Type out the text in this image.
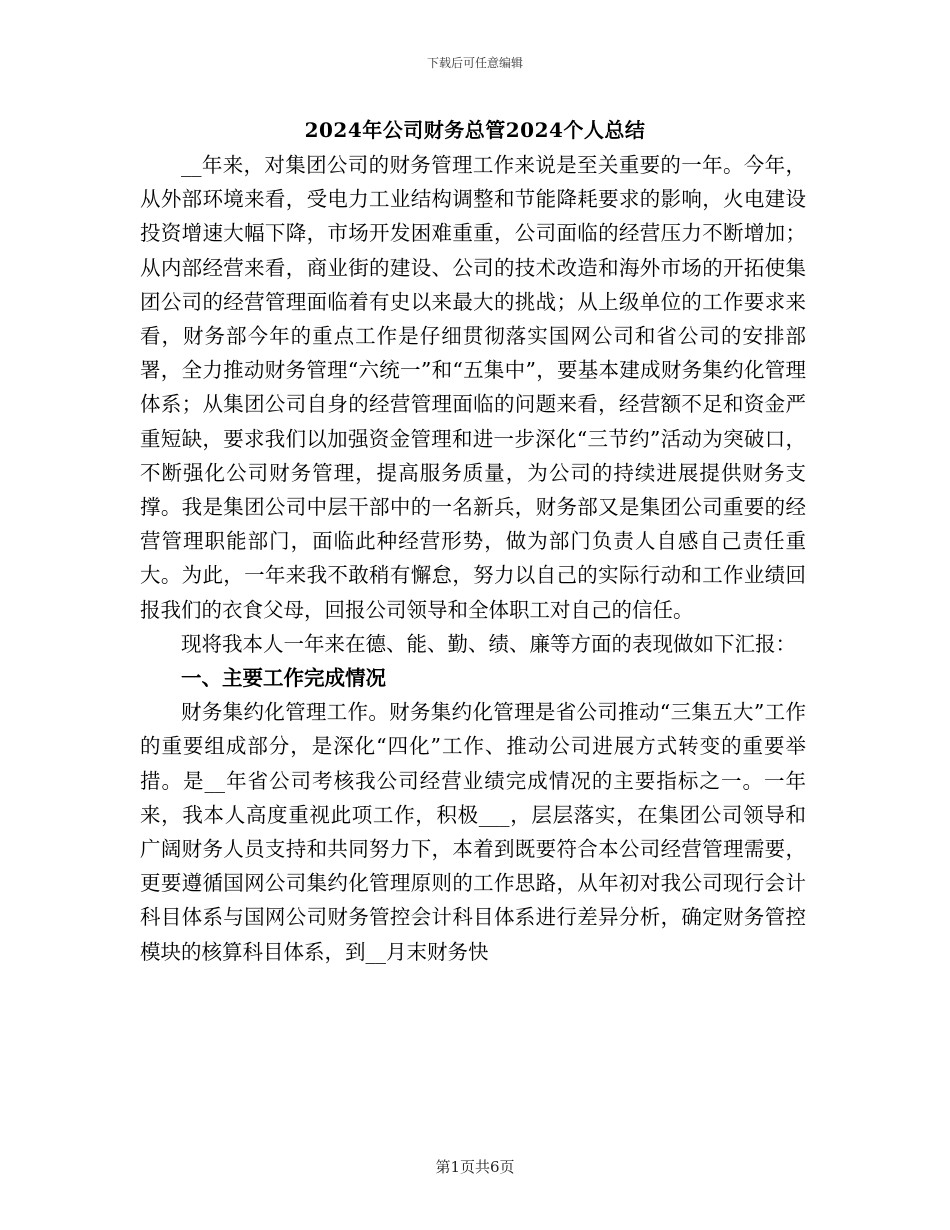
下载后可任意编辑
2024年公司财务总管2024个人总结

__年来，对集团公司的财务管理工作来说是至关重要的一年。今年，从外部环境来看，受电力工业结构调整和节能降耗要求的影响，火电建设投资增速大幅下降，市场开发困难重重，公司面临的经营压力不断增加；从内部经营来看，商业街的建设、公司的技术改造和海外市场的开拓使集团公司的经营管理面临着有史以来最大的挑战；从上级单位的工作要求来看，财务部今年的重点工作是仔细贯彻落实国网公司和省公司的安排部署，全力推动财务管理“六统一”和“五集中”，要基本建成财务集约化管理体系；从集团公司自身的经营管理面临的问题来看，经营额不足和资金严重短缺，要求我们以加强资金管理和进一步深化“三节约”活动为突破口，不断强化公司财务管理，提高服务质量，为公司的持续进展提供财务支撑。我是集团公司中层干部中的一名新兵，财务部又是集团公司重要的经营管理职能部门，面临此种经营形势，做为部门负责人自感自己责任重大。为此，一年来我不敢稍有懈怠，努力以自己的实际行动和工作业绩回报我们的衣食父母，回报公司领导和全体职工对自己的信任。

现将我本人一年来在德、能、勤、绩、廉等方面的表现做如下汇报：

一、主要工作完成情况

财务集约化管理工作。财务集约化管理是省公司推动“三集五大”工作的重要组成部分，是深化“四化”工作、推动公司进展方式转变的重要举措。是__年省公司考核我公司经营业绩完成情况的主要指标之一。一年来，我本人高度重视此项工作，积极___，层层落实，在集团公司领导和广阔财务人员支持和共同努力下，本着到既要符合本公司经营管理需要，更要遵循国网公司集约化管理原则的工作思路，从年初对我公司现行会计科目体系与国网公司财务管控会计科目体系进行差异分析，确定财务管控模块的核算科目体系，到__月末财务快

第1页共6页
